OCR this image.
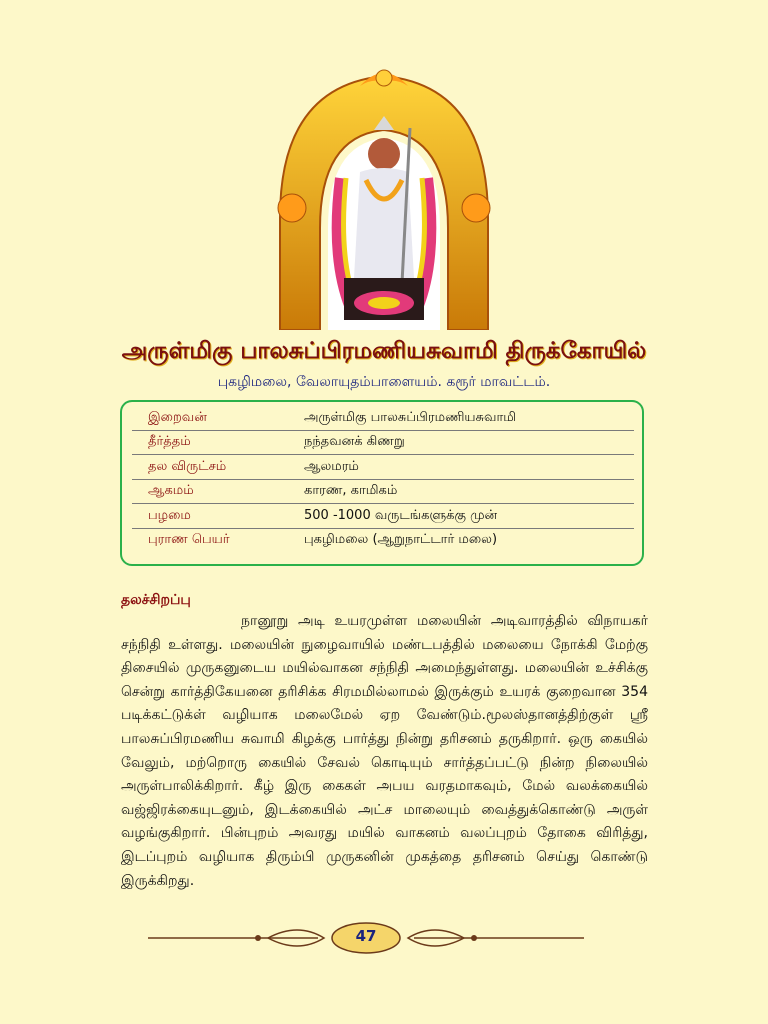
அருள்மிகு பாலசுப்பிரமணியசுவாமி திருக்கோயில்
புகழிமலை, வேலாயுதம்பாளையம். கரூர் மாவட்டம்.
இறைவன்	அருள்மிகு பாலசுப்பிரமணியசுவாமி
தீர்த்தம்	நந்தவனக் கிணறு
தல விருட்சம்	ஆலமரம்
ஆகமம்	காரண, காமிகம்
பழமை	500 -1000 வருடங்களுக்கு முன்
புராண பெயர்	புகழிமலை (ஆறுநாட்டார் மலை)
தலச்சிறப்பு
நானூறு அடி உயரமுள்ள மலையின் அடிவாரத்தில் விநாயகர் சந்நிதி உள்ளது. மலையின் நுழைவாயில் மண்டபத்தில் மலையை நோக்கி மேற்கு திசையில் முருகனுடைய மயில்வாகன சந்நிதி அமைந்துள்ளது. மலையின் உச்சிக்கு சென்று கார்த்திகேயனை தரிசிக்க சிரமமில்லாமல் இருக்கும் உயரக் குறைவான 354 படிக்கட்டுக்ள் வழியாக மலைமேல் ஏற வேண்டும்.மூலஸ்தானத்திற்குள் ஸ்ரீ பாலசுப்பிரமணிய சுவாமி கிழக்கு பார்த்து நின்று தரிசனம் தருகிறார். ஒரு கையில் வேலும், மற்றொரு கையில் சேவல் கொடியும் சார்த்தப்பட்டு நின்ற நிலையில் அருள்பாலிக்கிறார். கீழ் இரு கைகள் அபய வரதமாகவும், மேல் வலக்கையில் வஜ்ஜிரக்கையுடனும், இடக்கையில் அட்ச மாலையும் வைத்துக்கொண்டு அருள் வழங்குகிறார். பின்புறம் அவரது மயில் வாகனம் வலப்புறம் தோகை விரித்து, இடப்புறம் வழியாக திரும்பி முருகனின் முகத்தை தரிசனம் செய்து கொண்டு இருக்கிறது.
47
